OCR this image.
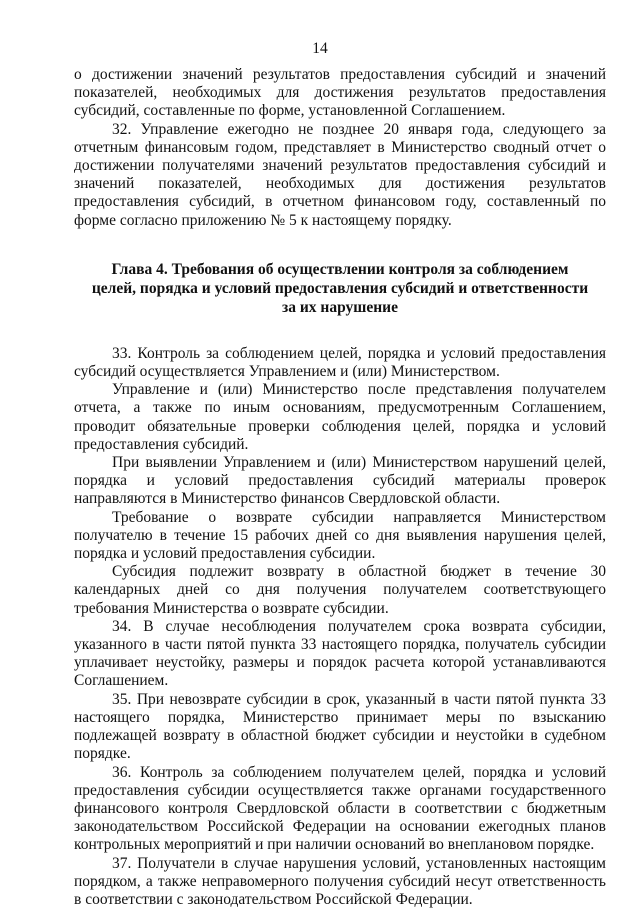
14

о достижении значений результатов предоставления субсидий и значений показателей, необходимых для достижения результатов предоставления субсидий, составленные по форме, установленной Соглашением.

32. Управление ежегодно не позднее 20 января года, следующего за отчетным финансовым годом, представляет в Министерство сводный отчет о достижении получателями значений результатов предоставления субсидий и значений показателей, необходимых для достижения результатов предоставления субсидий, в отчетном финансовом году, составленный по форме согласно приложению № 5 к настоящему порядку.

Глава 4. Требования об осуществлении контроля за соблюдением
целей, порядка и условий предоставления субсидий и ответственности
за их нарушение

33. Контроль за соблюдением целей, порядка и условий предоставления субсидий осуществляется Управлением и (или) Министерством.

Управление и (или) Министерство после представления получателем отчета, а также по иным основаниям, предусмотренным Соглашением, проводит обязательные проверки соблюдения целей, порядка и условий предоставления субсидий.

При выявлении Управлением и (или) Министерством нарушений целей, порядка и условий предоставления субсидий материалы проверок направляются в Министерство финансов Свердловской области.

Требование о возврате субсидии направляется Министерством получателю в течение 15 рабочих дней со дня выявления нарушения целей, порядка и условий предоставления субсидии.

Субсидия подлежит возврату в областной бюджет в течение 30 календарных дней со дня получения получателем соответствующего требования Министерства о возврате субсидии.

34. В случае несоблюдения получателем срока возврата субсидии, указанного в части пятой пункта 33 настоящего порядка, получатель субсидии уплачивает неустойку, размеры и порядок расчета которой устанавливаются Соглашением.

35. При невозврате субсидии в срок, указанный в части пятой пункта 33 настоящего порядка, Министерство принимает меры по взысканию подлежащей возврату в областной бюджет субсидии и неустойки в судебном порядке.

36. Контроль за соблюдением получателем целей, порядка и условий предоставления субсидии осуществляется также органами государственного финансового контроля Свердловской области в соответствии с бюджетным законодательством Российской Федерации на основании ежегодных планов контрольных мероприятий и при наличии оснований во внеплановом порядке.

37. Получатели в случае нарушения условий, установленных настоящим порядком, а также неправомерного получения субсидий несут ответственность в соответствии с законодательством Российской Федерации.
